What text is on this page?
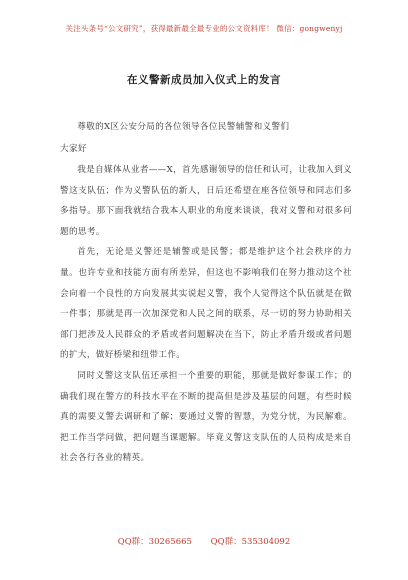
关注头条号“公文研究”，获得最新最全最专业的公文资料库！ 微信：gongwenyj
在义警新成员加入仪式上的发言
尊敬的X区公安分局的各位领导各位民警辅警和义警们
大家好

我是自媒体从业者——X，首先感谢领导的信任和认可，让我加入到义警这支队伍；作为义警队伍的新人，日后还希望在座各位领导和同志们多多指导。那下面我就结合我本人职业的角度来谈谈，我对义警和对很多问题的思考。

首先，无论是义警还是辅警或是民警；都是维护这个社会秩序的力量。也许专业和技能方面有所差异，但这也不影响我们在努力推动这个社会向着一个良性的方向发展其实说起义警，我个人觉得这个队伍就是在做一件事；那就是再一次加深党和人民之间的联系，尽一切的努力协助相关部门把涉及人民群众的矛盾或者问题解决在当下，防止矛盾升级或者问题的扩大，做好桥梁和纽带工作。

同时义警这支队伍还承担一个重要的职能，那就是做好参谋工作；的确我们现在警方的科技水平在不断的提高但是涉及基层的问题，有些时候真的需要义警去调研和了解；要通过义警的智慧，为党分忧，为民解难。把工作当学问做，把问题当课题解。毕竟义警这支队伍的人员构成是来自社会各行各业的精英。

QQ群：30265665 QQ群：535304092
